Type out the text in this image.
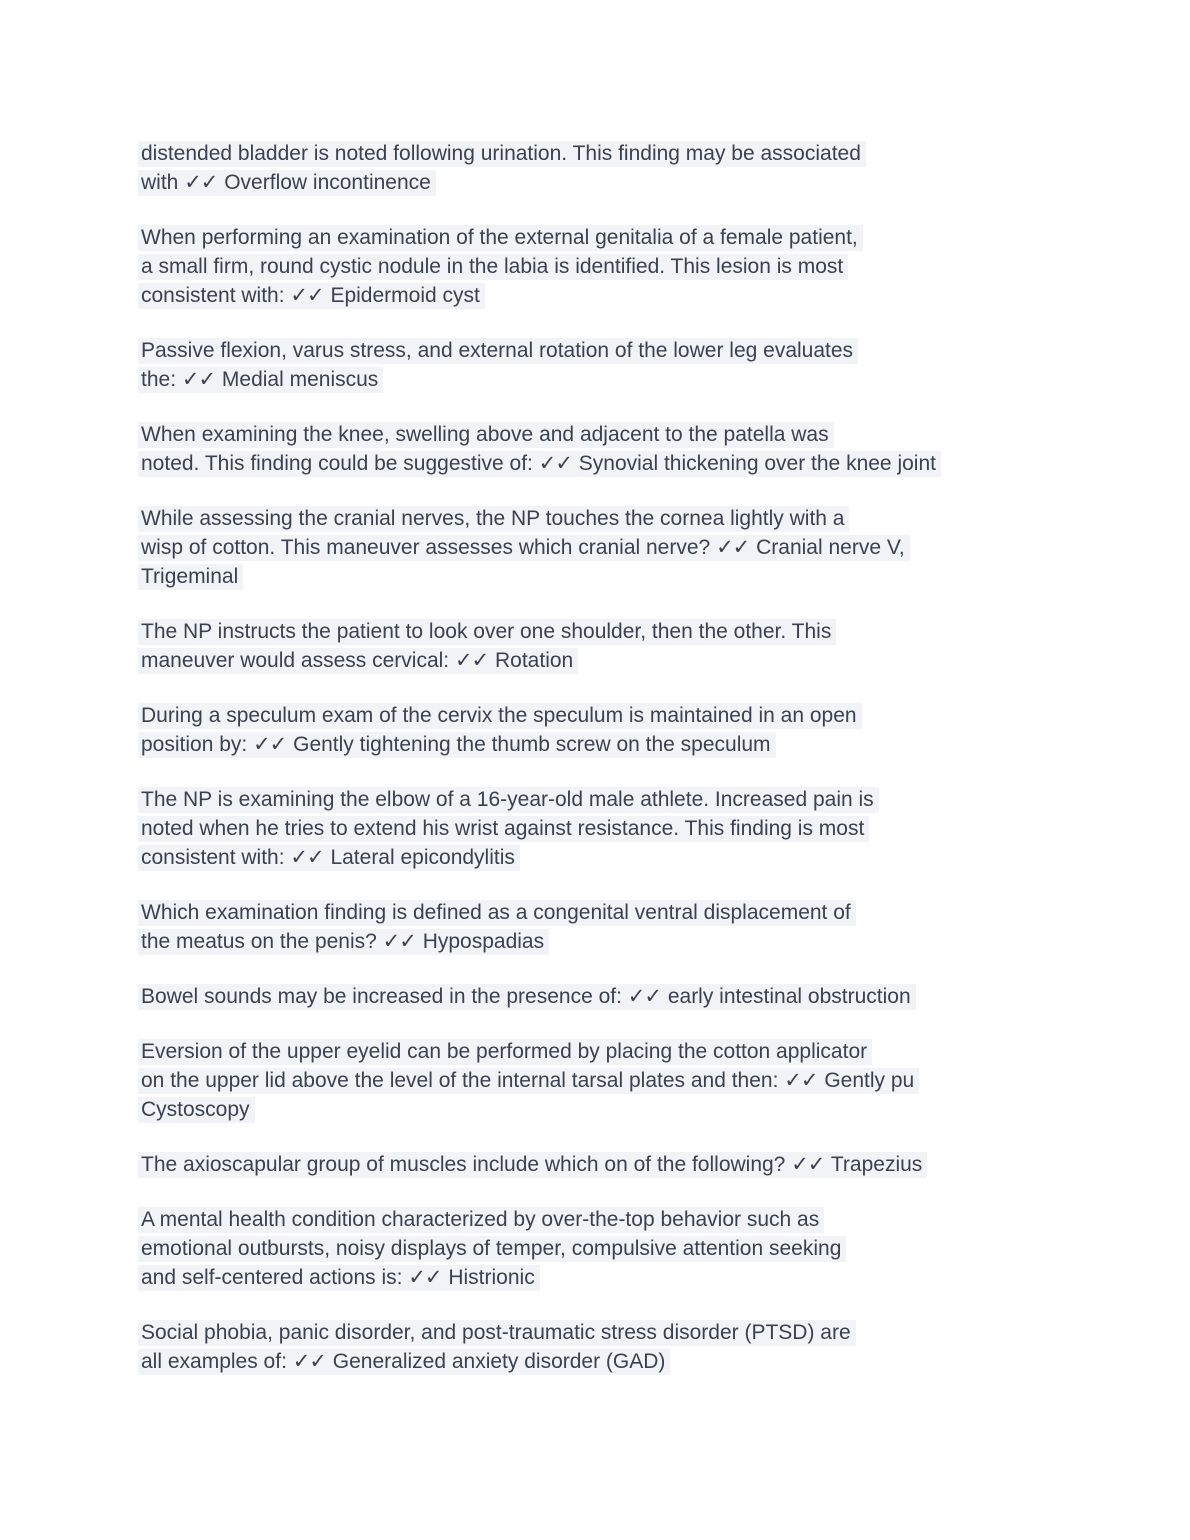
distended bladder is noted following urination. This finding may be associated
with ✓✓ Overflow incontinence

When performing an examination of the external genitalia of a female patient,
a small firm, round cystic nodule in the labia is identified. This lesion is most
consistent with: ✓✓ Epidermoid cyst

Passive flexion, varus stress, and external rotation of the lower leg evaluates
the: ✓✓ Medial meniscus

When examining the knee, swelling above and adjacent to the patella was
noted. This finding could be suggestive of: ✓✓ Synovial thickening over the knee joint

While assessing the cranial nerves, the NP touches the cornea lightly with a
wisp of cotton. This maneuver assesses which cranial nerve? ✓✓ Cranial nerve V,
Trigeminal

The NP instructs the patient to look over one shoulder, then the other. This
maneuver would assess cervical: ✓✓ Rotation

During a speculum exam of the cervix the speculum is maintained in an open
position by: ✓✓ Gently tightening the thumb screw on the speculum

The NP is examining the elbow of a 16-year-old male athlete. Increased pain is
noted when he tries to extend his wrist against resistance. This finding is most
consistent with: ✓✓ Lateral epicondylitis

Which examination finding is defined as a congenital ventral displacement of
the meatus on the penis? ✓✓ Hypospadias

Bowel sounds may be increased in the presence of: ✓✓ early intestinal obstruction

Eversion of the upper eyelid can be performed by placing the cotton applicator
on the upper lid above the level of the internal tarsal plates and then: ✓✓ Gently pu
Cystoscopy

The axioscapular group of muscles include which on of the following? ✓✓ Trapezius

A mental health condition characterized by over-the-top behavior such as
emotional outbursts, noisy displays of temper, compulsive attention seeking
and self-centered actions is: ✓✓ Histrionic

Social phobia, panic disorder, and post-traumatic stress disorder (PTSD) are
all examples of: ✓✓ Generalized anxiety disorder (GAD)
